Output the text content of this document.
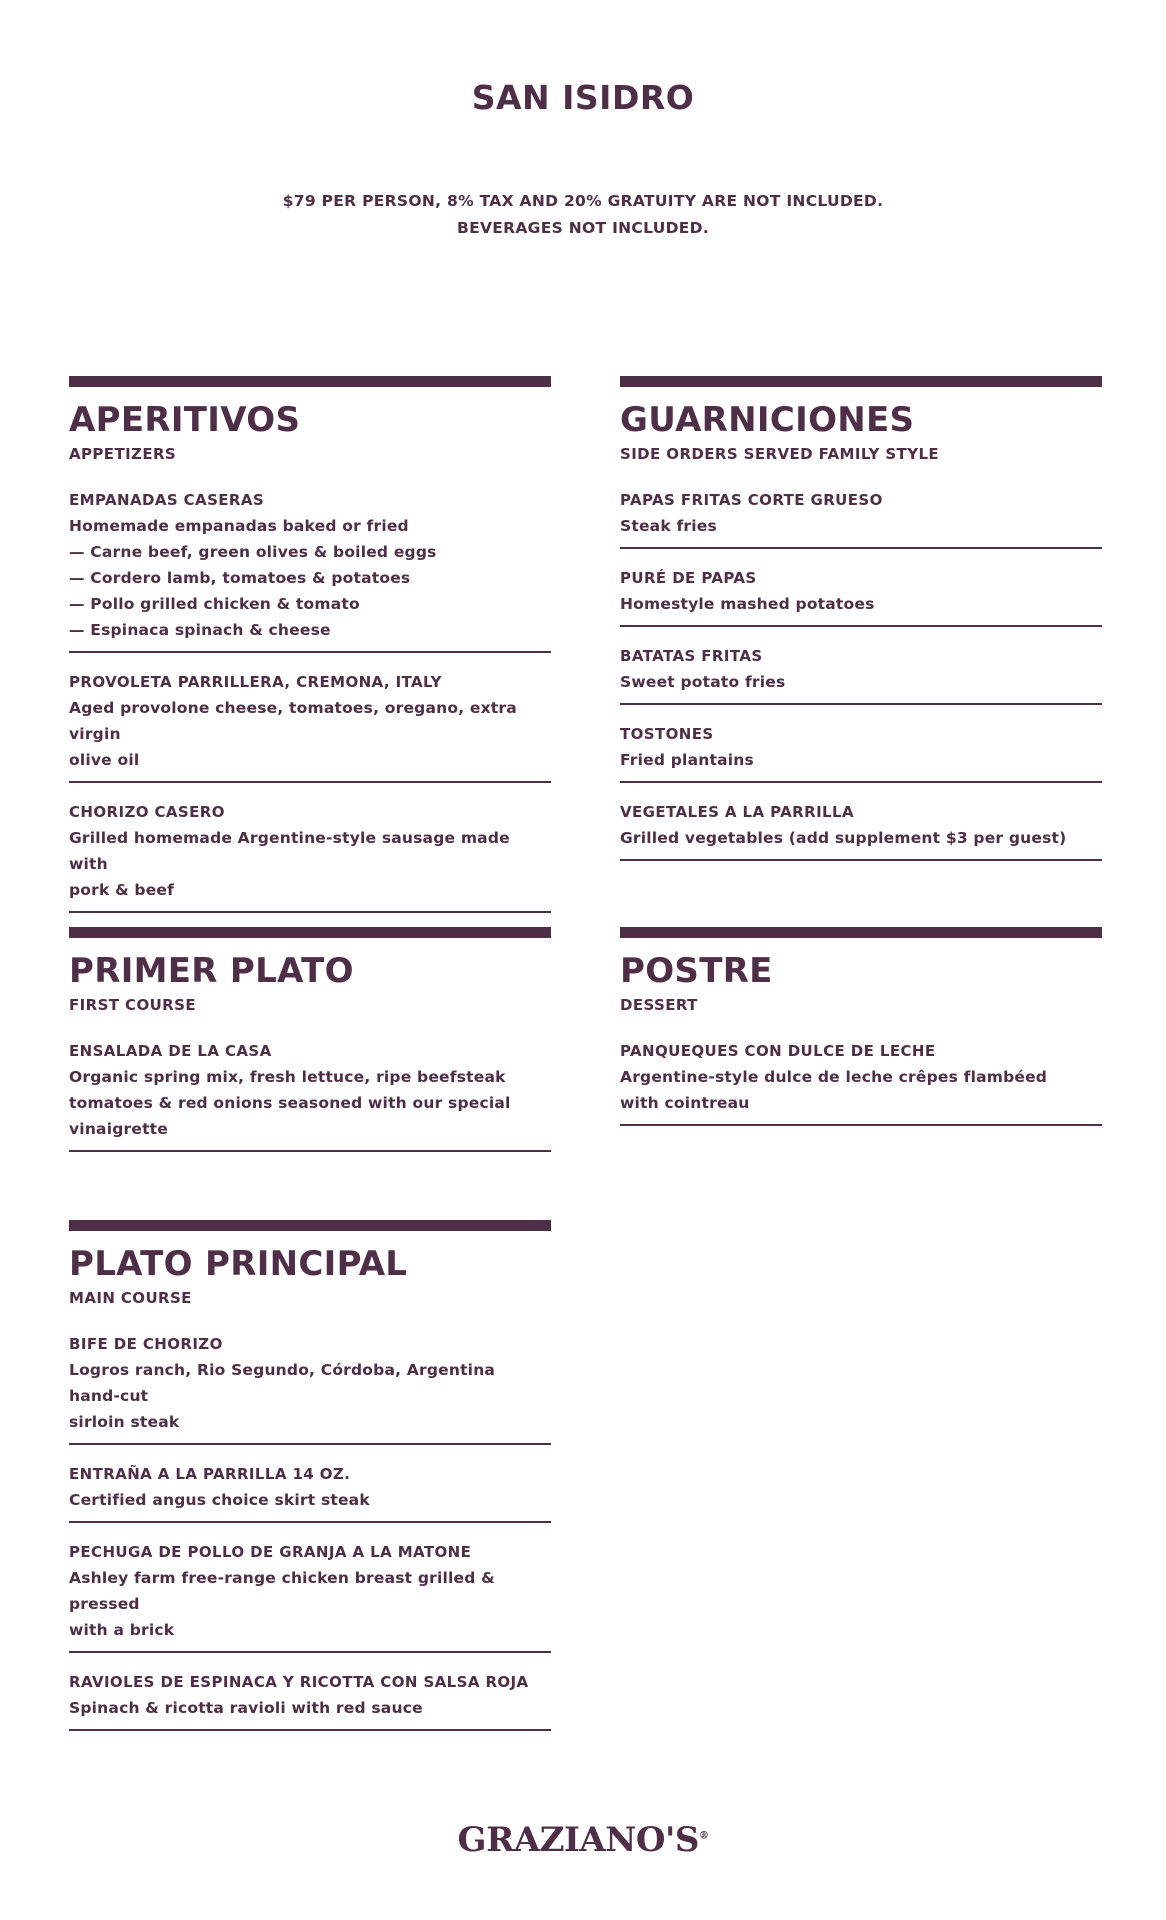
SAN ISIDRO
$79 PER PERSON, 8% TAX AND 20% GRATUITY ARE NOT INCLUDED.
BEVERAGES NOT INCLUDED.
APERITIVOS
APPETIZERS
EMPANADAS CASERAS
Homemade empanadas baked or fried
— Carne beef, green olives & boiled eggs
— Cordero lamb, tomatoes & potatoes
— Pollo grilled chicken & tomato
— Espinaca spinach & cheese
PROVOLETA PARRILLERA, CREMONA, ITALY
Aged provolone cheese, tomatoes, oregano, extra virgin
olive oil
CHORIZO CASERO
Grilled homemade Argentine-style sausage made with
pork & beef
GUARNICIONES
SIDE ORDERS SERVED FAMILY STYLE
PAPAS FRITAS CORTE GRUESO
Steak fries
PURÉ DE PAPAS
Homestyle mashed potatoes
BATATAS FRITAS
Sweet potato fries
TOSTONES
Fried plantains
VEGETALES A LA PARRILLA
Grilled vegetables (add supplement $3 per guest)
PRIMER PLATO
FIRST COURSE
ENSALADA DE LA CASA
Organic spring mix, fresh lettuce, ripe beefsteak
tomatoes & red onions seasoned with our special
vinaigrette
POSTRE
DESSERT
PANQUEQUES CON DULCE DE LECHE
Argentine-style dulce de leche crêpes flambéed
with cointreau
PLATO PRINCIPAL
MAIN COURSE
BIFE DE CHORIZO
Logros ranch, Rio Segundo, Córdoba, Argentina hand-cut
sirloin steak
ENTRAÑA A LA PARRILLA 14 OZ.
Certified angus choice skirt steak
PECHUGA DE POLLO DE GRANJA A LA MATONE
Ashley farm free-range chicken breast grilled & pressed
with a brick
RAVIOLES DE ESPINACA Y RICOTTA CON SALSA ROJA
Spinach & ricotta ravioli with red sauce
GRAZIANO'S®
